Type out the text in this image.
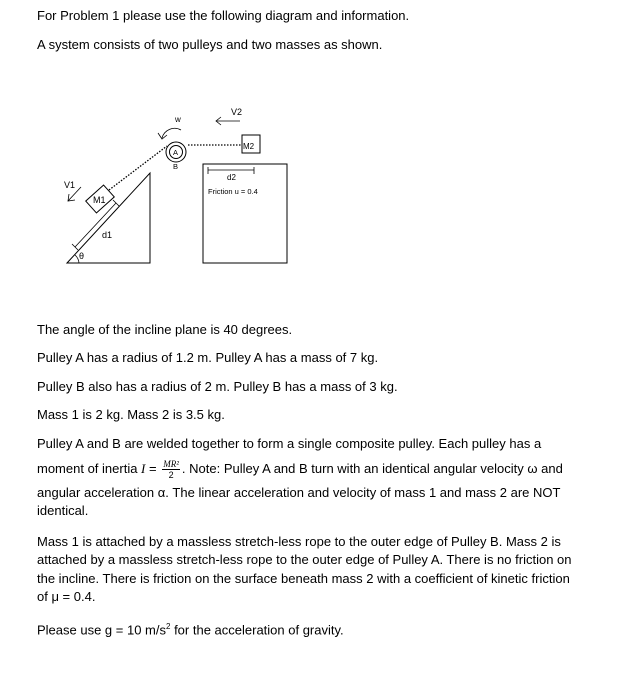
For Problem 1 please use the following diagram and information.

A system consists of two pulleys and two masses as shown.

θ
d1
M1
V1
A
B
w
V2
M2
d2
Friction u = 0.4

The angle of the incline plane is 40 degrees.

Pulley A has a radius of 1.2 m. Pulley A has a mass of 7 kg.

Pulley B also has a radius of 2 m. Pulley B has a mass of 3 kg.

Mass 1 is 2 kg. Mass 2 is 3.5 kg.

Pulley A and B are welded together to form a single composite pulley. Each pulley has a

moment of inertia $I = \frac{\text{MR²}}{2}$ . Note: Pulley A and B turn with an identical angular velocity ω and

angular acceleration α. The linear acceleration and velocity of mass 1 and mass 2 are NOT

identical.

Mass 1 is attached by a massless stretch-less rope to the outer edge of Pulley B. Mass 2 is

attached by a massless stretch-less rope to the outer edge of Pulley A. There is no friction on

the incline. There is friction on the surface beneath mass 2 with a coefficient of kinetic friction

of μ = 0.4.

Please use g = 10 $m/s^2$ for the acceleration of gravity.
